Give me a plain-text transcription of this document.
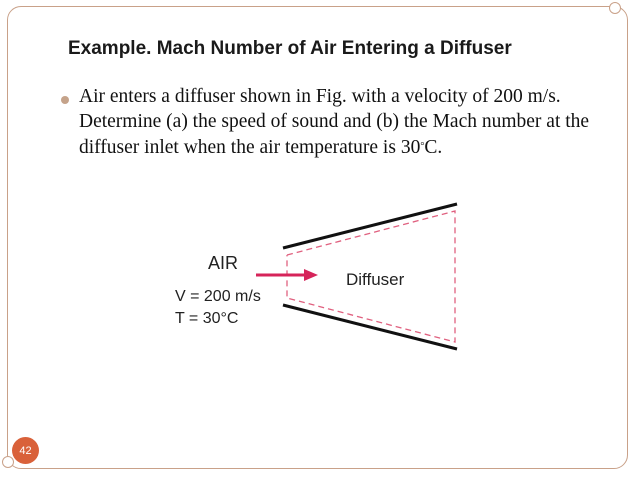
Example. Mach Number of Air Entering a Diffuser
Air enters a diffuser shown in Fig. with a velocity of 200 m/s. Determine (a) the speed of sound and (b) the Mach number at the diffuser inlet when the air temperature is 30°C.
AIR
V = 200 m/s
T = 30°C
Diffuser
42
